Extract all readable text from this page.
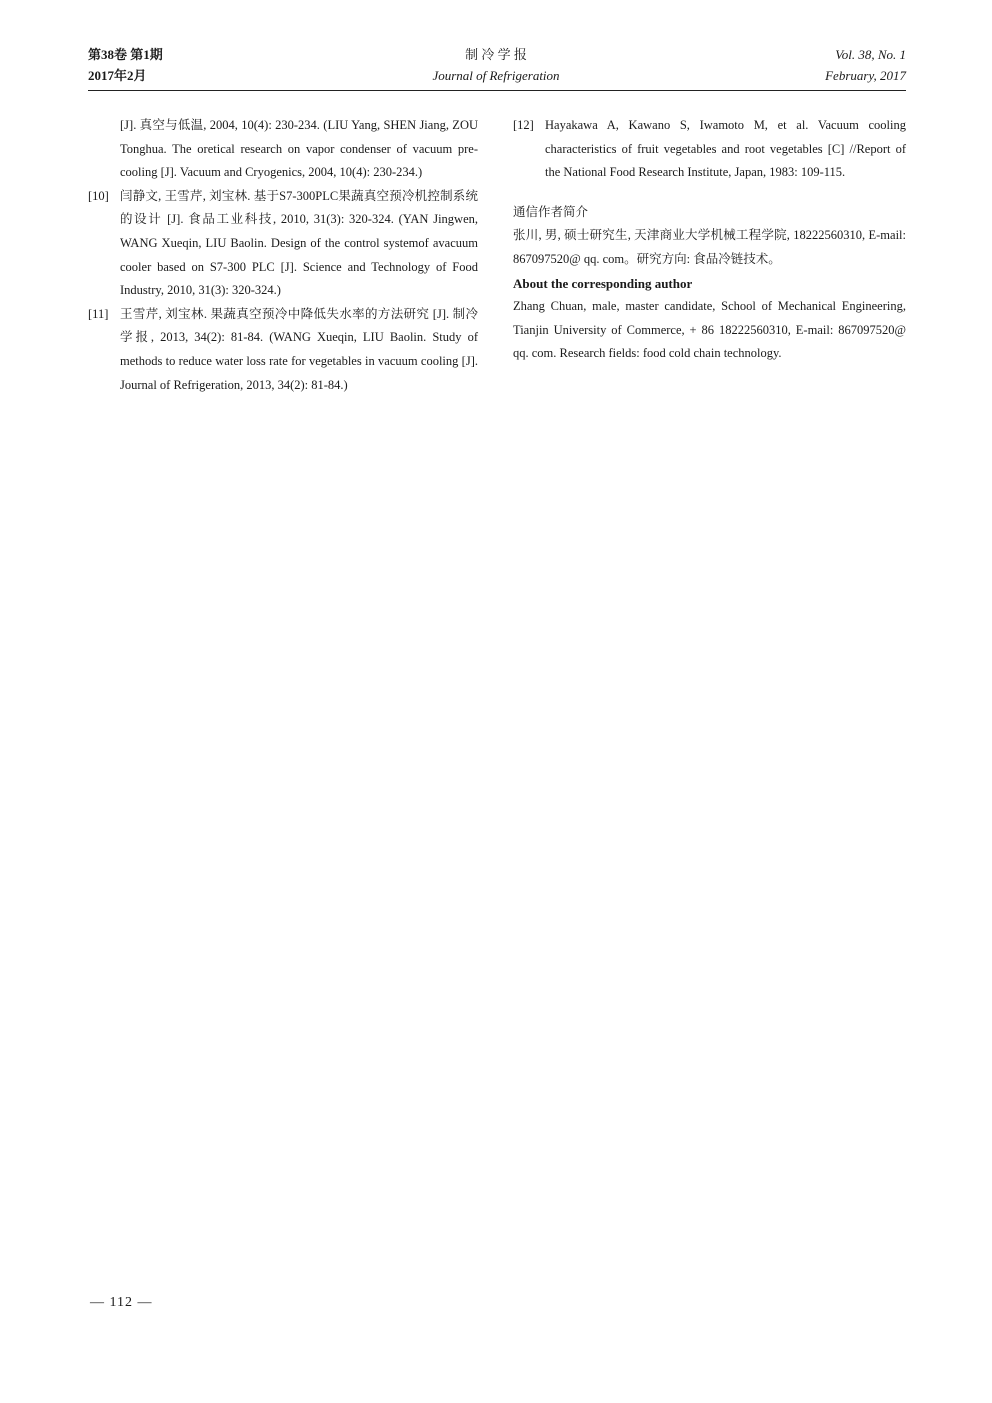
第38卷 第1期
2017年2月
制 冷 学 报
Journal of Refrigeration
Vol. 38, No. 1
February, 2017

[J]. 真空与低温, 2004, 10(4): 230-234. (LIU Yang, SHEN Jiang, ZOU Tonghua. The oretical research on vapor condenser of vacuum pre-cooling [J]. Vacuum and Cryogenics, 2004, 10(4): 230-234.)

[10] 闫静文, 王雪芹, 刘宝林. 基于S7-300PLC果蔬真空预冷机控制系统的设计 [J]. 食品工业科技, 2010, 31(3): 320-324. (YAN Jingwen, WANG Xueqin, LIU Baolin. Design of the control systemof avacuum cooler based on S7-300 PLC [J]. Science and Technology of Food Industry, 2010, 31(3): 320-324.)
[11] 王雪芹, 刘宝林. 果蔬真空预冷中降低失水率的方法研究 [J]. 制冷学报, 2013, 34(2): 81-84. (WANG Xueqin, LIU Baolin. Study of methods to reduce water loss rate for vegetables in vacuum cooling [J]. Journal of Refrigeration, 2013, 34(2): 81-84.)
[12] Hayakawa A, Kawano S, Iwamoto M, et al. Vacuum cooling characteristics of fruit vegetables and root vegetables [C] //Report of the National Food Research Institute, Japan, 1983: 109-115.
通信作者简介
张川, 男, 硕士研究生, 天津商业大学机械工程学院, 18222560310, E-mail: 867097520@ qq. com。研究方向: 食品冷链技术。
About the corresponding author
Zhang Chuan, male, master candidate, School of Mechanical Engineering, Tianjin University of Commerce, + 86 18222560310, E-mail: 867097520@ qq. com. Research fields: food cold chain technology.
— 112 —
